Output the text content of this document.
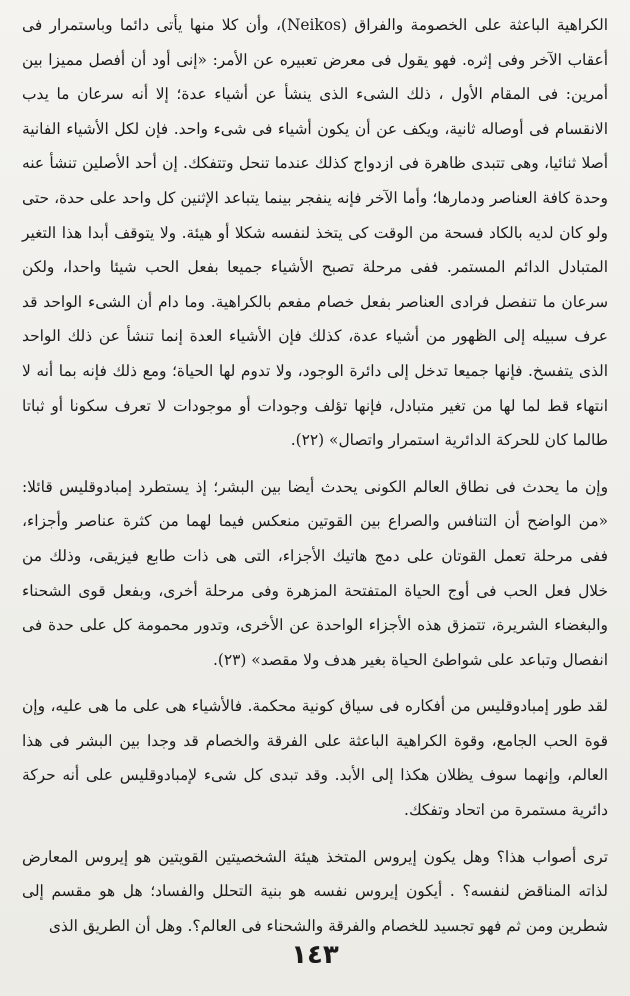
الكراهية الباعثة على الخصومة والفراق (Neikos)، وأن كلا منها يأتى دائما وباستمرار فى أعقاب الآخر وفى إثره. فهو يقول فى معرض تعبيره عن الأمر: «إنى أود أن أفصل مميزا بين أمرين: فى المقام الأول ، ذلك الشىء الذى ينشأ عن أشياء عدة؛ إلا أنه سرعان ما يدب الانقسام فى أوصاله ثانية، ويكف عن أن يكون أشياء فى شىء واحد. فإن لكل الأشياء الفانية أصلا ثنائيا، وهى تتبدى ظاهرة فى ازدواج كذلك عندما تنحل وتتفكك. إن أحد الأصلين تنشأ عنه وحدة كافة العناصر ودمارها؛ وأما الآخر فإنه ينفجر بينما يتباعد الإثنين كل واحد على حدة، حتى ولو كان لديه بالكاد فسحة من الوقت كى يتخذ لنفسه شكلا أو هيئة. ولا يتوقف أبدا هذا التغير المتبادل الدائم المستمر. ففى مرحلة تصبح الأشياء جميعا بفعل الحب شيئا واحدا، ولكن سرعان ما تنفصل فرادى العناصر بفعل خصام مفعم بالكراهية. وما دام أن الشىء الواحد قد عرف سبيله إلى الظهور من أشياء عدة، كذلك فإن الأشياء العدة إنما تنشأ عن ذلك الواحد الذى يتفسخ. فإنها جميعا تدخل إلى دائرة الوجود، ولا تدوم لها الحياة؛ ومع ذلك فإنه بما أنه لا انتهاء قط لما لها من تغير متبادل، فإنها تؤلف وجودات أو موجودات لا تعرف سكونا أو ثباتا طالما كان للحركة الدائرية استمرار واتصال» (٢٢).

وإن ما يحدث فى نطاق العالم الكونى يحدث أيضا بين البشر؛ إذ يستطرد إمبادوقليس قائلا: «من الواضح أن التنافس والصراع بين القوتين منعكس فيما لهما من كثرة عناصر وأجزاء، ففى مرحلة تعمل القوتان على دمج هاتيك الأجزاء، التى هى ذات طابع فيزيقى، وذلك من خلال فعل الحب فى أوج الحياة المتفتحة المزهرة وفى مرحلة أخرى، وبفعل قوى الشحناء والبغضاء الشريرة، تتمزق هذه الأجزاء الواحدة عن الأخرى، وتدور محمومة كل على حدة فى انفصال وتباعد على شواطئ الحياة بغير هدف ولا مقصد» (٢٣).

لقد طور إمبادوقليس من أفكاره فى سياق كونية محكمة. فالأشياء هى على ما هى عليه، وإن قوة الحب الجامع، وقوة الكراهية الباعثة على الفرقة والخصام قد وجدا بين البشر فى هذا العالم، وإنهما سوف يظلان هكذا إلى الأبد. وقد تبدى كل شىء لإمبادوقليس على أنه حركة دائرية مستمرة من اتحاد وتفكك.

ترى أصواب هذا؟ وهل يكون إيروس المتخذ هيئة الشخصيتين القويتين هو إيروس المعارض لذاته المناقض لنفسه؟ . أيكون إيروس نفسه هو بنية التحلل والفساد؛ هل هو مقسم إلى شطرين ومن ثم فهو تجسيد للخصام والفرقة والشحناء فى العالم؟. وهل أن الطريق الذى

١٤٣
